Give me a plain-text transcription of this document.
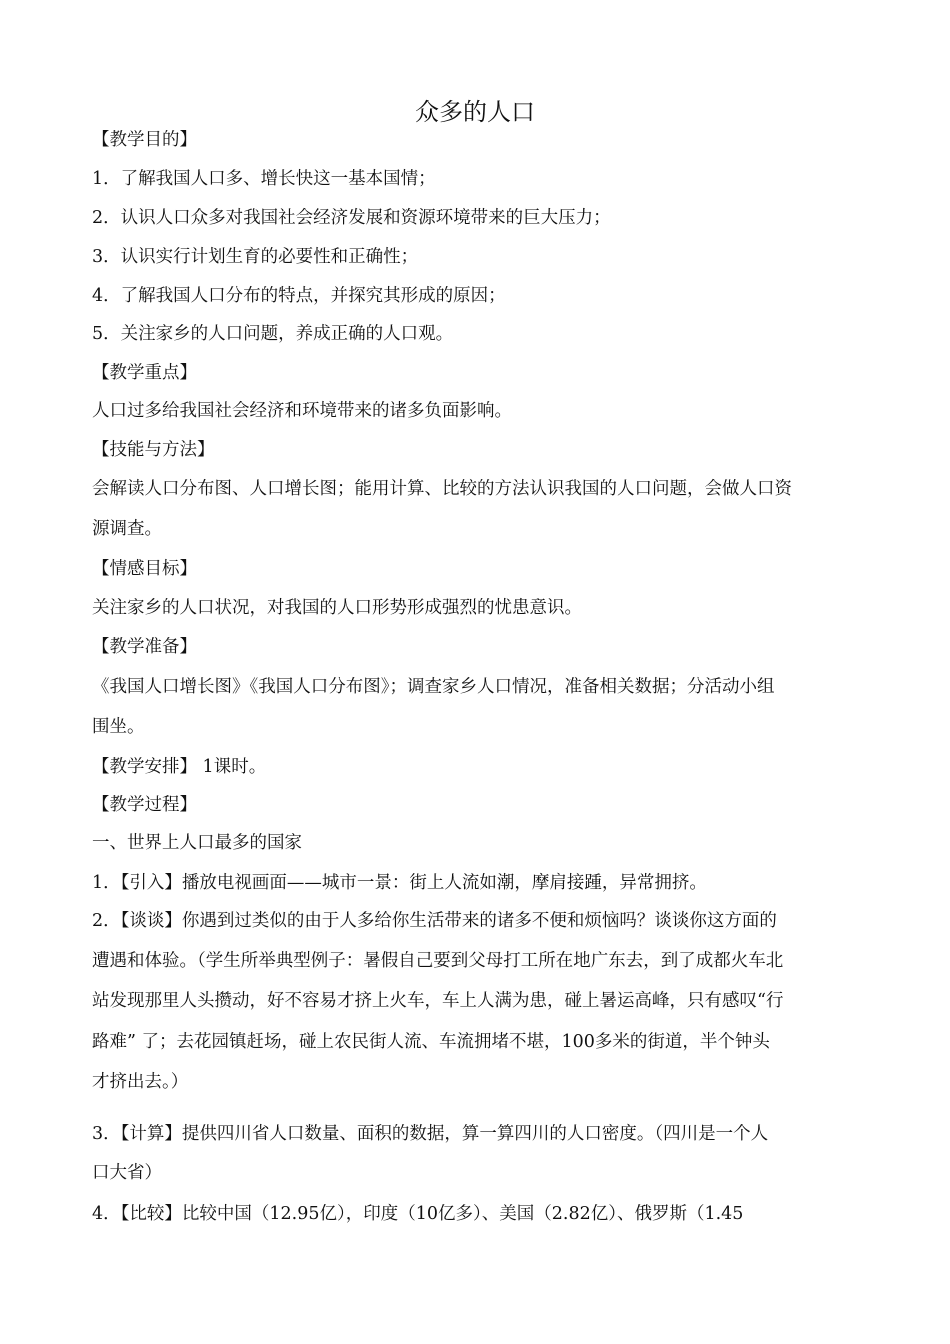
众多的人口
【教学目的】
1．了解我国人口多、增长快这一基本国情；
2．认识人口众多对我国社会经济发展和资源环境带来的巨大压力；
3．认识实行计划生育的必要性和正确性；
4．了解我国人口分布的特点，并探究其形成的原因；
5．关注家乡的人口问题，养成正确的人口观。
【教学重点】
人口过多给我国社会经济和环境带来的诸多负面影响。
【技能与方法】
会解读人口分布图、人口增长图；能用计算、比较的方法认识我国的人口问题，会做人口资
源调查。
【情感目标】
关注家乡的人口状况，对我国的人口形势形成强烈的忧患意识。
【教学准备】
《我国人口增长图》《我国人口分布图》；调查家乡人口情况，准备相关数据；分活动小组
围坐。
【教学安排】 1课时。
【教学过程】
一、世界上人口最多的国家
1．【引入】播放电视画面——城市一景：街上人流如潮，摩肩接踵，异常拥挤。
2．【谈谈】你遇到过类似的由于人多给你生活带来的诸多不便和烦恼吗？谈谈你这方面的
遭遇和体验。（学生所举典型例子：暑假自己要到父母打工所在地广东去，到了成都火车北
站发现那里人头攒动，好不容易才挤上火车，车上人满为患，碰上暑运高峰，只有感叹“行
路难” 了；去花园镇赶场，碰上农民街人流、车流拥堵不堪，100多米的街道，半个钟头
才挤出去。）
3．【计算】提供四川省人口数量、面积的数据，算一算四川的人口密度。（四川是一个人
口大省）
4．【比较】比较中国（12.95亿），印度（10亿多）、美国（2.82亿）、俄罗斯（1.45
